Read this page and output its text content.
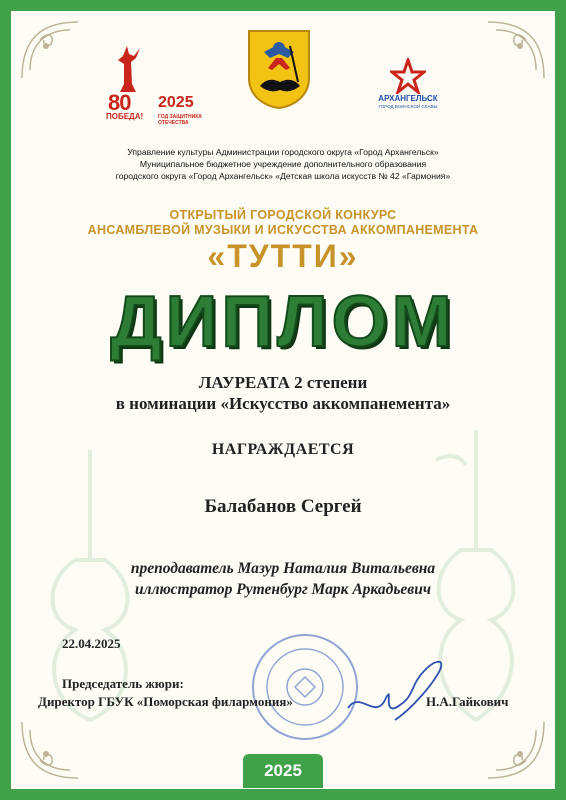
80
ПОБЕДА!
2025
ГОД ЗАЩИТНИКА ОТЕЧЕСТВА
АРХАНГЕЛЬСК
ГОРОД ВОИНСКОЙ СЛАВЫ
Управление культуры Администрации городского округа «Город Архангельск»
Муниципальное бюджетное учреждение дополнительного образования
городского округа «Город Архангельск» «Детская школа искусств № 42 «Гармония»
ОТКРЫТЫЙ ГОРОДСКОЙ КОНКУРС
АНСАМБЛЕВОЙ МУЗЫКИ И ИСКУССТВА АККОМПАНЕМЕНТА
«ТУТТИ»
ДИПЛОМ
ЛАУРЕАТА 2 степени
в номинации «Искусство аккомпанемента»
НАГРАЖДАЕТСЯ
Балабанов Сергей
преподаватель Мазур Наталия Витальевна
иллюстратор Рутенбург Марк Аркадьевич
22.04.2025
Председатель жюри:
Директор ГБУК «Поморская филармония»	Н.А.Гайкович
2025
